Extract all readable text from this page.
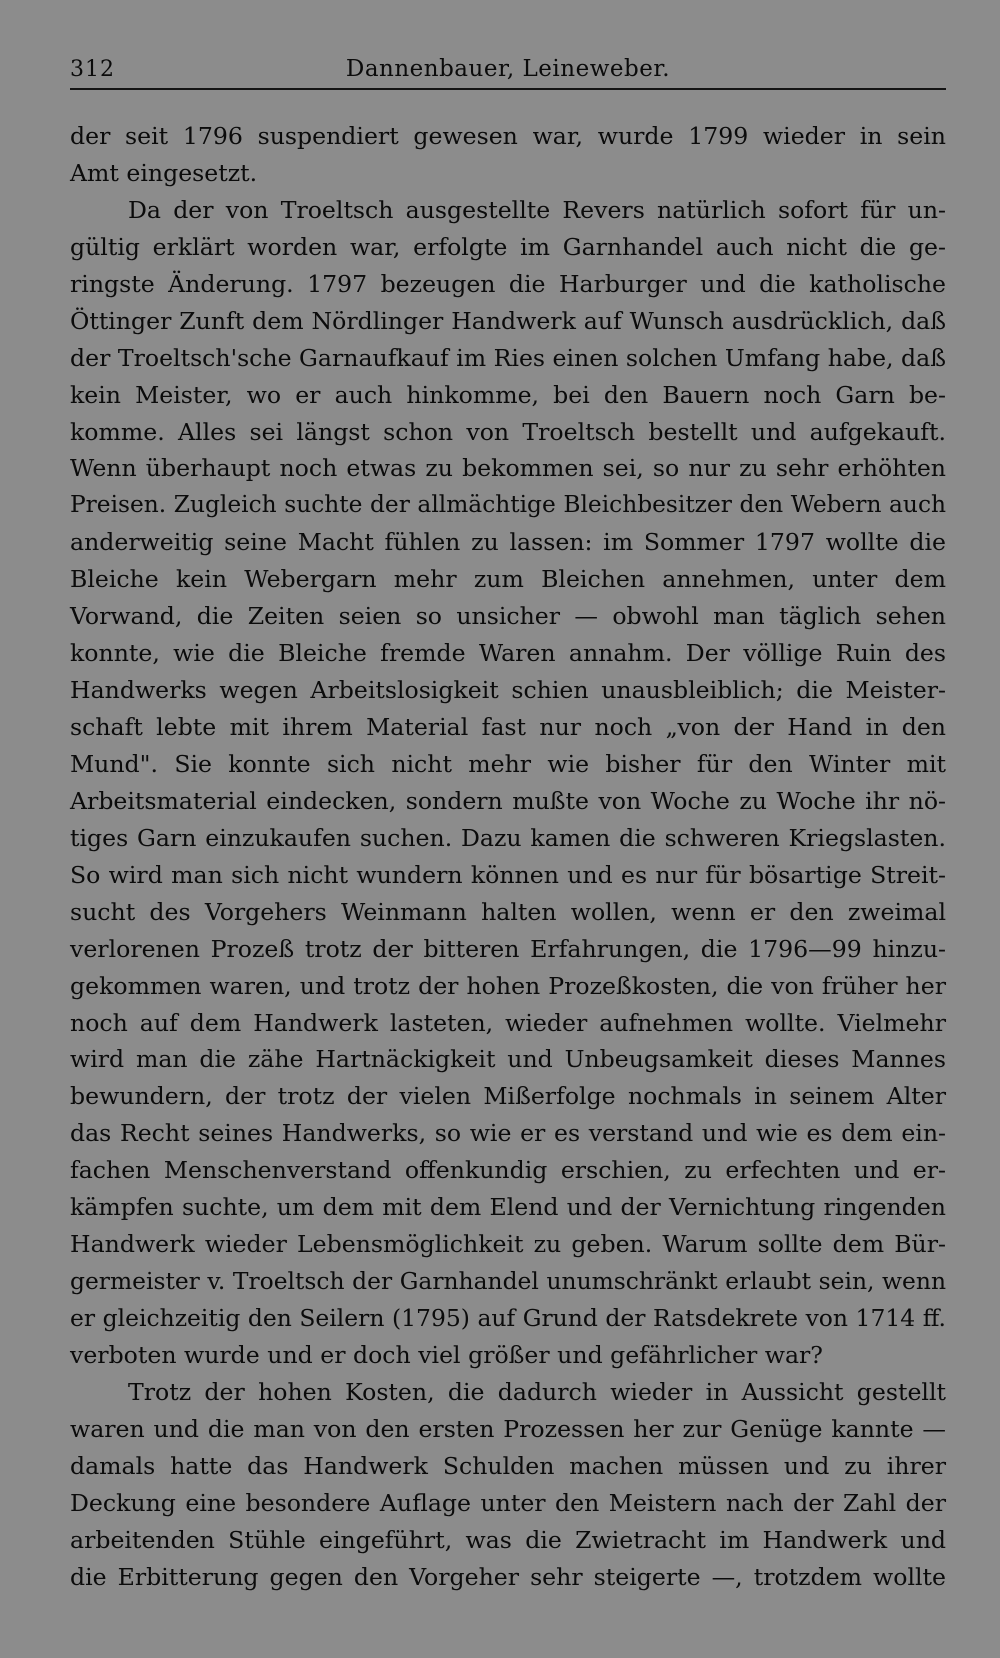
312	Dannenbauer, Leineweber.
der seit 1796 suspendiert gewesen war, wurde 1799 wieder in sein
Amt eingesetzt.
Da der von Troeltsch ausgestellte Revers natürlich sofort für un-
gültig erklärt worden war, erfolgte im Garnhandel auch nicht die ge-
ringste Änderung. 1797 bezeugen die Harburger und die katholische
Öttinger Zunft dem Nördlinger Handwerk auf Wunsch ausdrücklich, daß
der Troeltsch'sche Garnaufkauf im Ries einen solchen Umfang habe, daß
kein Meister, wo er auch hinkomme, bei den Bauern noch Garn be-
komme. Alles sei längst schon von Troeltsch bestellt und aufgekauft.
Wenn überhaupt noch etwas zu bekommen sei, so nur zu sehr erhöhten
Preisen. Zugleich suchte der allmächtige Bleichbesitzer den Webern auch
anderweitig seine Macht fühlen zu lassen: im Sommer 1797 wollte die
Bleiche kein Webergarn mehr zum Bleichen annehmen, unter dem
Vorwand, die Zeiten seien so unsicher — obwohl man täglich sehen
konnte, wie die Bleiche fremde Waren annahm. Der völlige Ruin des
Handwerks wegen Arbeitslosigkeit schien unausbleiblich; die Meister-
schaft lebte mit ihrem Material fast nur noch „von der Hand in den
Mund". Sie konnte sich nicht mehr wie bisher für den Winter mit
Arbeitsmaterial eindecken, sondern mußte von Woche zu Woche ihr nö-
tiges Garn einzukaufen suchen. Dazu kamen die schweren Kriegslasten.
So wird man sich nicht wundern können und es nur für bösartige Streit-
sucht des Vorgehers Weinmann halten wollen, wenn er den zweimal
verlorenen Prozeß trotz der bitteren Erfahrungen, die 1796—99 hinzu-
gekommen waren, und trotz der hohen Prozeßkosten, die von früher her
noch auf dem Handwerk lasteten, wieder aufnehmen wollte. Vielmehr
wird man die zähe Hartnäckigkeit und Unbeugsamkeit dieses Mannes
bewundern, der trotz der vielen Mißerfolge nochmals in seinem Alter
das Recht seines Handwerks, so wie er es verstand und wie es dem ein-
fachen Menschenverstand offenkundig erschien, zu erfechten und er-
kämpfen suchte, um dem mit dem Elend und der Vernichtung ringenden
Handwerk wieder Lebensmöglichkeit zu geben. Warum sollte dem Bür-
germeister v. Troeltsch der Garnhandel unumschränkt erlaubt sein, wenn
er gleichzeitig den Seilern (1795) auf Grund der Ratsdekrete von 1714 ff.
verboten wurde und er doch viel größer und gefährlicher war?
Trotz der hohen Kosten, die dadurch wieder in Aussicht gestellt
waren und die man von den ersten Prozessen her zur Genüge kannte —
damals hatte das Handwerk Schulden machen müssen und zu ihrer
Deckung eine besondere Auflage unter den Meistern nach der Zahl der
arbeitenden Stühle eingeführt, was die Zwietracht im Handwerk und
die Erbitterung gegen den Vorgeher sehr steigerte —, trotzdem wollte
